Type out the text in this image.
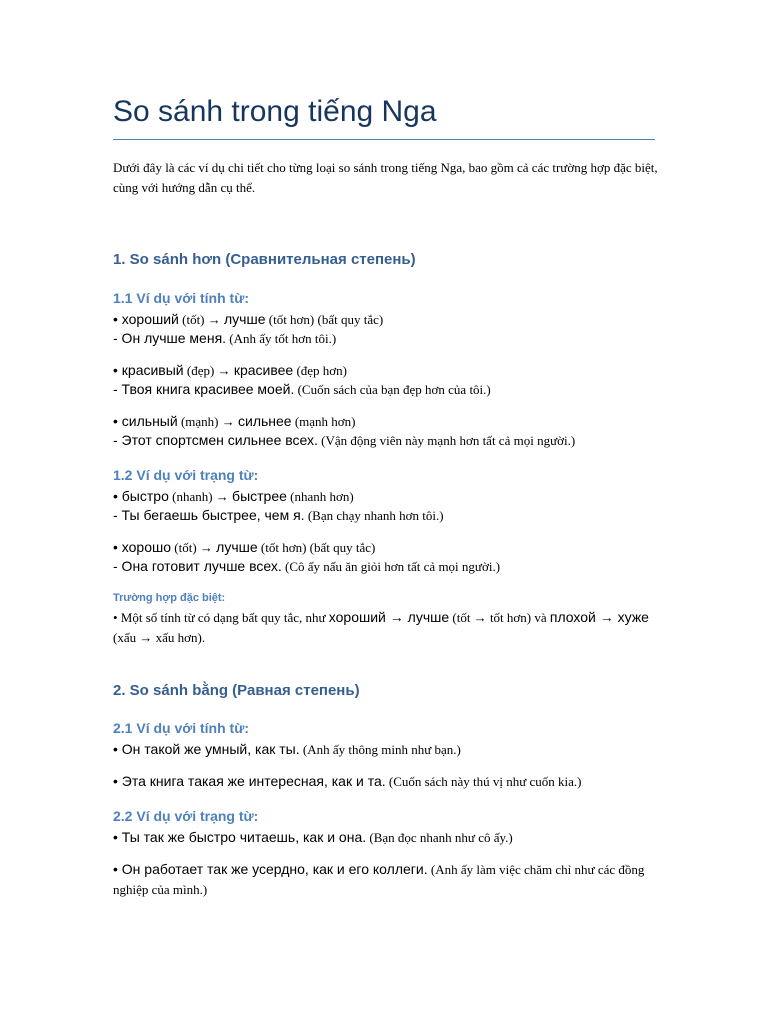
So sánh trong tiếng Nga
Dưới đây là các ví dụ chi tiết cho từng loại so sánh trong tiếng Nga, bao gồm cả các trường hợp đặc biệt, cùng với hướng dẫn cụ thể.
1. So sánh hơn (Сравнительная степень)
1.1 Ví dụ với tính từ:
• хороший (tốt) → лучше (tốt hơn) (bất quy tắc)
- Он лучше меня. (Anh ấy tốt hơn tôi.)
• красивый (đẹp) → красивее (đẹp hơn)
- Твоя книга красивее моей. (Cuốn sách của bạn đẹp hơn của tôi.)
• сильный (mạnh) → сильнее (mạnh hơn)
- Этот спортсмен сильнее всех. (Vận động viên này mạnh hơn tất cả mọi người.)
1.2 Ví dụ với trạng từ:
• быстро (nhanh) → быстрее (nhanh hơn)
- Ты бегаешь быстрее, чем я. (Bạn chạy nhanh hơn tôi.)
• хорошо (tốt) → лучше (tốt hơn) (bất quy tắc)
- Она готовит лучше всех. (Cô ấy nấu ăn giỏi hơn tất cả mọi người.)
Trường hợp đặc biệt:
• Một số tính từ có dạng bất quy tắc, như хороший → лучше (tốt → tốt hơn) và плохой → хуже (xấu → xấu hơn).
2. So sánh bằng (Равная степень)
2.1 Ví dụ với tính từ:
• Он такой же умный, как ты. (Anh ấy thông minh như bạn.)
• Эта книга такая же интересная, как и та. (Cuốn sách này thú vị như cuốn kia.)
2.2 Ví dụ với trạng từ:
• Ты так же быстро читаешь, как и она. (Bạn đọc nhanh như cô ấy.)
• Он работает так же усердно, как и его коллеги. (Anh ấy làm việc chăm chỉ như các đồng nghiệp của mình.)
